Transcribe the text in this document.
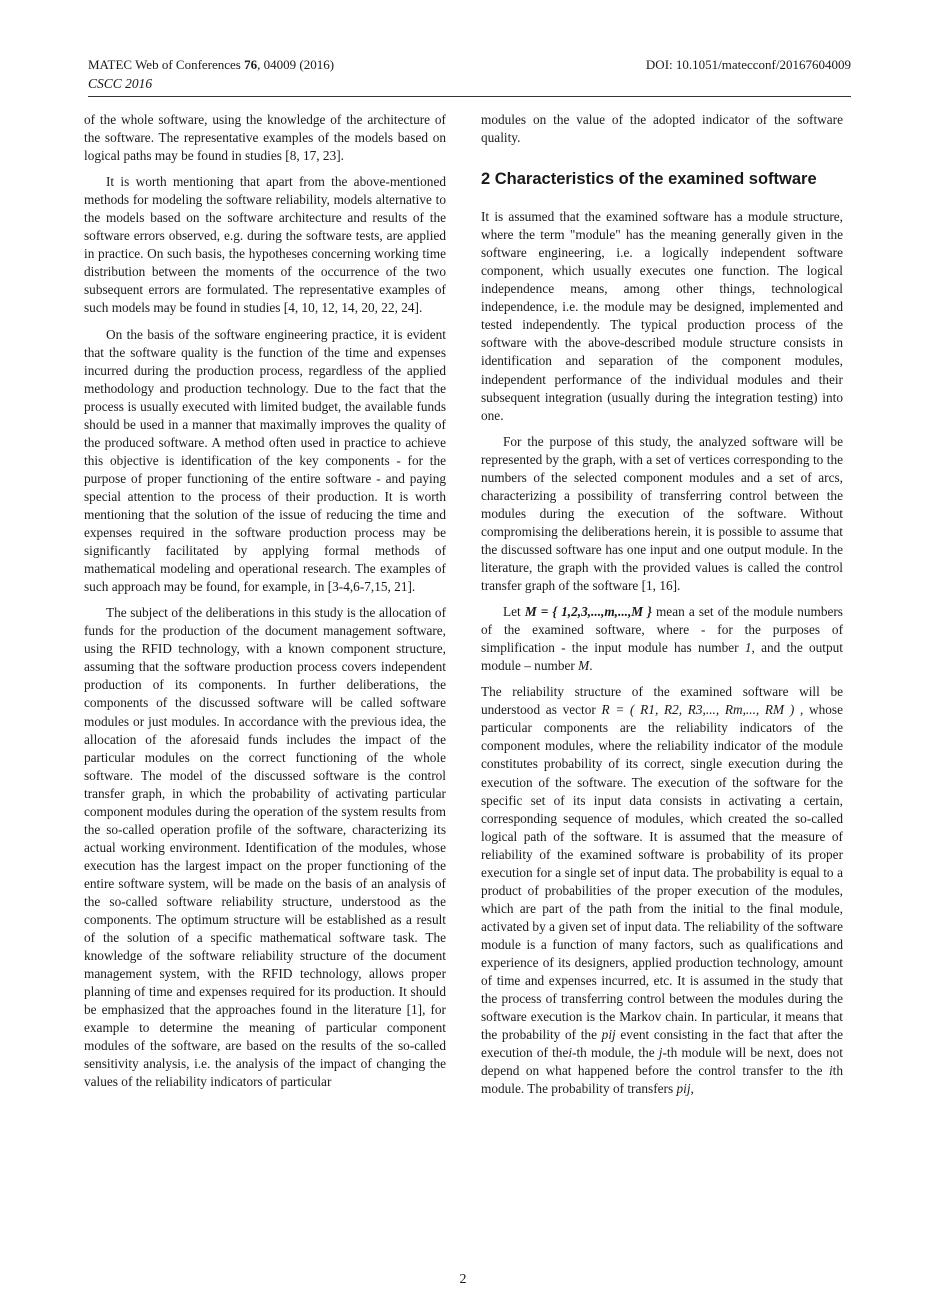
MATEC Web of Conferences 76, 04009 (2016)	DOI: 10.1051/matecconf/20167604009
CSCC 2016

of the whole software, using the knowledge of the architecture of the software. The representative examples of the models based on logical paths may be found in studies [8, 17, 23].

It is worth mentioning that apart from the above-mentioned methods for modeling the software reliability, models alternative to the models based on the software architecture and results of the software errors observed, e.g. during the software tests, are applied in practice. On such basis, the hypotheses concerning working time distribution between the moments of the occurrence of the two subsequent errors are formulated. The representative examples of such models may be found in studies [4, 10, 12, 14, 20, 22, 24].

On the basis of the software engineering practice, it is evident that the software quality is the function of the time and expenses incurred during the production process, regardless of the applied methodology and production technology. Due to the fact that the process is usually executed with limited budget, the available funds should be used in a manner that maximally improves the quality of the produced software. A method often used in practice to achieve this objective is identification of the key components - for the purpose of proper functioning of the entire software - and paying special attention to the process of their production. It is worth mentioning that the solution of the issue of reducing the time and expenses required in the software production process may be significantly facilitated by applying formal methods of mathematical modeling and operational research. The examples of such approach may be found, for example, in [3-4,6-7,15, 21].

The subject of the deliberations in this study is the allocation of funds for the production of the document management software, using the RFID technology, with a known component structure, assuming that the software production process covers independent production of its components. In further deliberations, the components of the discussed software will be called software modules or just modules. In accordance with the previous idea, the allocation of the aforesaid funds includes the impact of the particular modules on the correct functioning of the whole software. The model of the discussed software is the control transfer graph, in which the probability of activating particular component modules during the operation of the system results from the so-called operation profile of the software, characterizing its actual working environment. Identification of the modules, whose execution has the largest impact on the proper functioning of the entire software system, will be made on the basis of an analysis of the so-called software reliability structure, understood as the components. The optimum structure will be established as a result of the solution of a specific mathematical software task. The knowledge of the software reliability structure of the document management system, with the RFID technology, allows proper planning of time and expenses required for its production. It should be emphasized that the approaches found in the literature [1], for example to determine the meaning of particular component modules of the software, are based on the results of the so-called sensitivity analysis, i.e. the analysis of the impact of changing the values of the reliability indicators of particular

modules on the value of the adopted indicator of the software quality.

2 Characteristics of the examined software

It is assumed that the examined software has a module structure, where the term "module" has the meaning generally given in the software engineering, i.e. a logically independent software component, which usually executes one function. The logical independence means, among other things, technological independence, i.e. the module may be designed, implemented and tested independently. The typical production process of the software with the above-described module structure consists in identification and separation of the component modules, independent performance of the individual modules and their subsequent integration (usually during the integration testing) into one.

For the purpose of this study, the analyzed software will be represented by the graph, with a set of vertices corresponding to the numbers of the selected component modules and a set of arcs, characterizing a possibility of transferring control between the modules during the execution of the software. Without compromising the deliberations herein, it is possible to assume that the discussed software has one input and one output module. In the literature, the graph with the provided values is called the control transfer graph of the software [1, 16].

Let M = { 1,2,3,...,m,...,M } mean a set of the module numbers of the examined software, where - for the purposes of simplification - the input module has number 1, and the output module – number M.

The reliability structure of the examined software will be understood as vector R = ( R1, R2, R3,..., Rm,..., RM ) , whose particular components are the reliability indicators of the component modules, where the reliability indicator of the module constitutes probability of its correct, single execution during the execution of the software. The execution of the software for the specific set of its input data consists in activating a certain, corresponding sequence of modules, which created the so-called logical path of the software. It is assumed that the measure of reliability of the examined software is probability of its proper execution for a single set of input data. The probability is equal to a product of probabilities of the proper execution of the modules, which are part of the path from the initial to the final module, activated by a given set of input data. The reliability of the software module is a function of many factors, such as qualifications and experience of its designers, applied production technology, amount of time and expenses incurred, etc. It is assumed in the study that the process of transferring control between the modules during the software execution is the Markov chain. In particular, it means that the probability of the pij event consisting in the fact that after the execution of thei-th module, the j-th module will be next, does not depend on what happened before the control transfer to the ith module. The probability of transfers pij,

2
